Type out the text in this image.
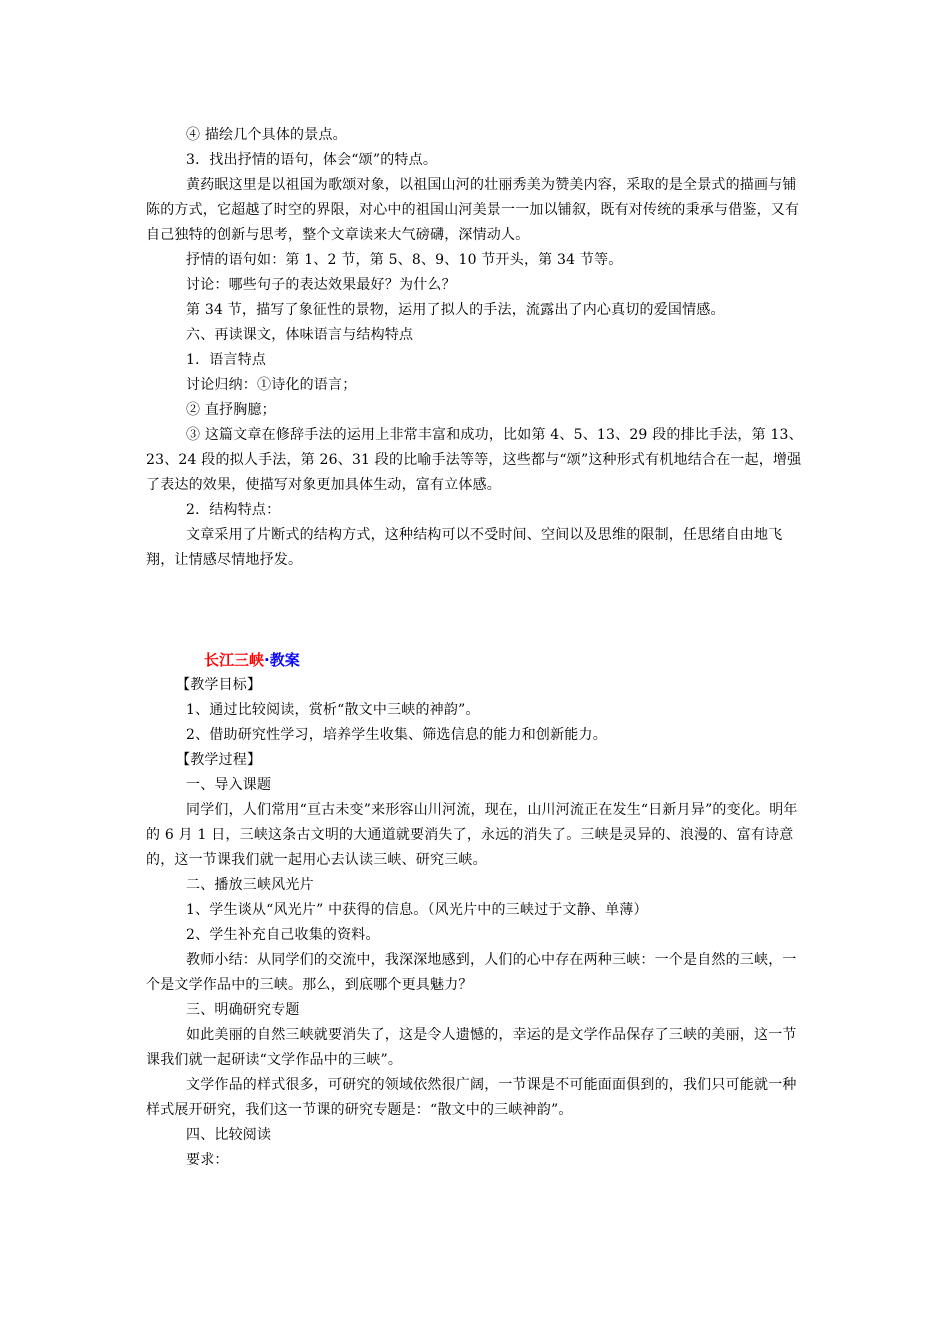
④ 描绘几个具体的景点。

3．找出抒情的语句，体会“颂”的特点。

黄药眠这里是以祖国为歌颂对象，以祖国山河的壮丽秀美为赞美内容，采取的是全景式的描画与铺陈的方式，它超越了时空的界限，对心中的祖国山河美景一一加以铺叙，既有对传统的秉承与借鉴，又有自己独特的创新与思考，整个文章读来大气磅礴，深情动人。

抒情的语句如：第 1、2 节，第 5、8、9、10 节开头，第 34 节等。

讨论：哪些句子的表达效果最好？为什么？

第 34 节，描写了象征性的景物，运用了拟人的手法，流露出了内心真切的爱国情感。

六、再读课文，体味语言与结构特点

1．语言特点

讨论归纳：①诗化的语言；

② 直抒胸臆；

③ 这篇文章在修辞手法的运用上非常丰富和成功，比如第 4、5、13、29 段的排比手法，第 13、23、24 段的拟人手法，第 26、31 段的比喻手法等等，这些都与“颂”这种形式有机地结合在一起，增强了表达的效果，使描写对象更加具体生动，富有立体感。

2．结构特点：

文章采用了片断式的结构方式，这种结构可以不受时间、空间以及思维的限制，任思绪自由地飞翔，让情感尽情地抒发。

长江三峡·教案

【教学目标】

1、通过比较阅读，赏析“散文中三峡的神韵”。

2、借助研究性学习，培养学生收集、筛选信息的能力和创新能力。

【教学过程】

一、导入课题

同学们，人们常用“亘古未变”来形容山川河流，现在，山川河流正在发生“日新月异”的变化。明年的 6 月 1 日，三峡这条古文明的大通道就要消失了，永远的消失了。三峡是灵异的、浪漫的、富有诗意的，这一节课我们就一起用心去认读三峡、研究三峡。

二、播放三峡风光片

1、学生谈从“风光片” 中获得的信息。（风光片中的三峡过于文静、单薄）

2、学生补充自己收集的资料。

教师小结：从同学们的交流中，我深深地感到，人们的心中存在两种三峡：一个是自然的三峡，一个是文学作品中的三峡。那么，到底哪个更具魅力？

三、明确研究专题

如此美丽的自然三峡就要消失了，这是令人遗憾的，幸运的是文学作品保存了三峡的美丽，这一节课我们就一起研读“文学作品中的三峡”。

文学作品的样式很多，可研究的领域依然很广阔，一节课是不可能面面俱到的，我们只可能就一种样式展开研究，我们这一节课的研究专题是：“散文中的三峡神韵”。

四、比较阅读

要求：
